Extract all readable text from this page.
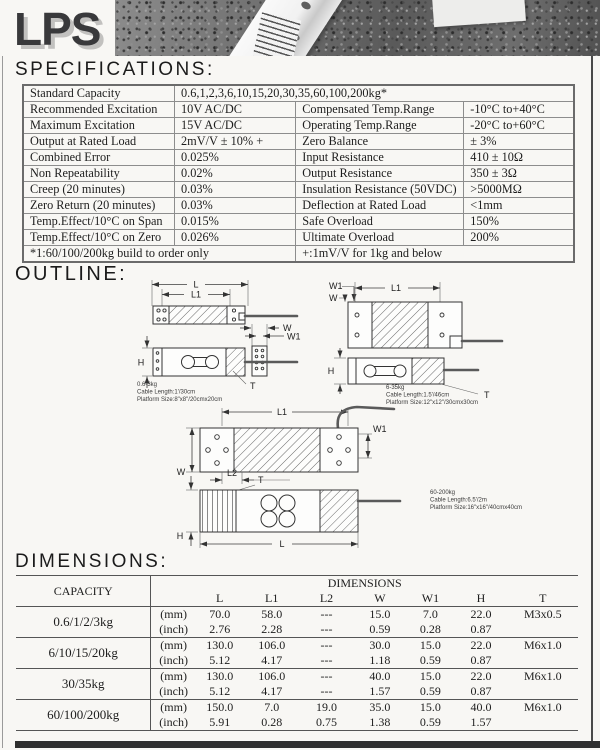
LPS
SPECIFICATIONS:
Standard Capacity	0.6,1,2,3,6,10,15,20,30,35,60,100,200kg*		
Recommended Excitation	10V AC/DC	Compensated Temp.Range	-10°C to+40°C
Maximum Excitation	15V AC/DC	Operating Temp.Range	-20°C to+60°C
Output at Rated Load	2mV/V ± 10% +	Zero Balance	± 3%
Combined Error	0.025%	Input Resistance	410 ± 10Ω
Non Repeatability	0.02%	Output Resistance	350 ± 3Ω
Creep (20 minutes)	0.03%	Insulation Resistance (50VDC)	>5000MΩ
Zero Return (20 minutes)	0.03%	Deflection at Rated Load	<1mm
Temp.Effect/10°C on Span	0.015%	Safe Overload	150%
Temp.Effect/10°C on Zero	0.026%	Ultimate Overload	200%
*1:60/100/200kg build to order only		+:1mV/V for 1kg and below	
OUTLINE:	L
L1
W
W1
H
T
0.6-3kg
Cable Length:1'/30cm
Platform Size:8"x8"/20cmx20cm
W1
W
L1
H
T
6-35kg
Cable Length:1.5'/46cm
Platform Size:12"x12"/30cmx30cm
L1
W
W1
L2
T
H
L
60-200kg
Cable Length:6.5'/2m
Platform Size:16"x16"/40cmx40cm
DIMENSIONS:
CAPACITY	DIMENSIONS							
		L	L1	L2	W	W1	H	T
0.6/1/2/3kg	(mm)	70.0	58.0	---	15.0	7.0	22.0	M3x0.5
	(inch)	2.76	2.28	---	0.59	0.28	0.87	
6/10/15/20kg	(mm)	130.0	106.0	---	30.0	15.0	22.0	M6x1.0
	(inch)	5.12	4.17	---	1.18	0.59	0.87	
30/35kg	(mm)	130.0	106.0	---	40.0	15.0	22.0	M6x1.0
	(inch)	5.12	4.17	---	1.57	0.59	0.87	
60/100/200kg	(mm)	150.0	7.0	19.0	35.0	15.0	40.0	M6x1.0
	(inch)	5.91	0.28	0.75	1.38	0.59	1.57	
